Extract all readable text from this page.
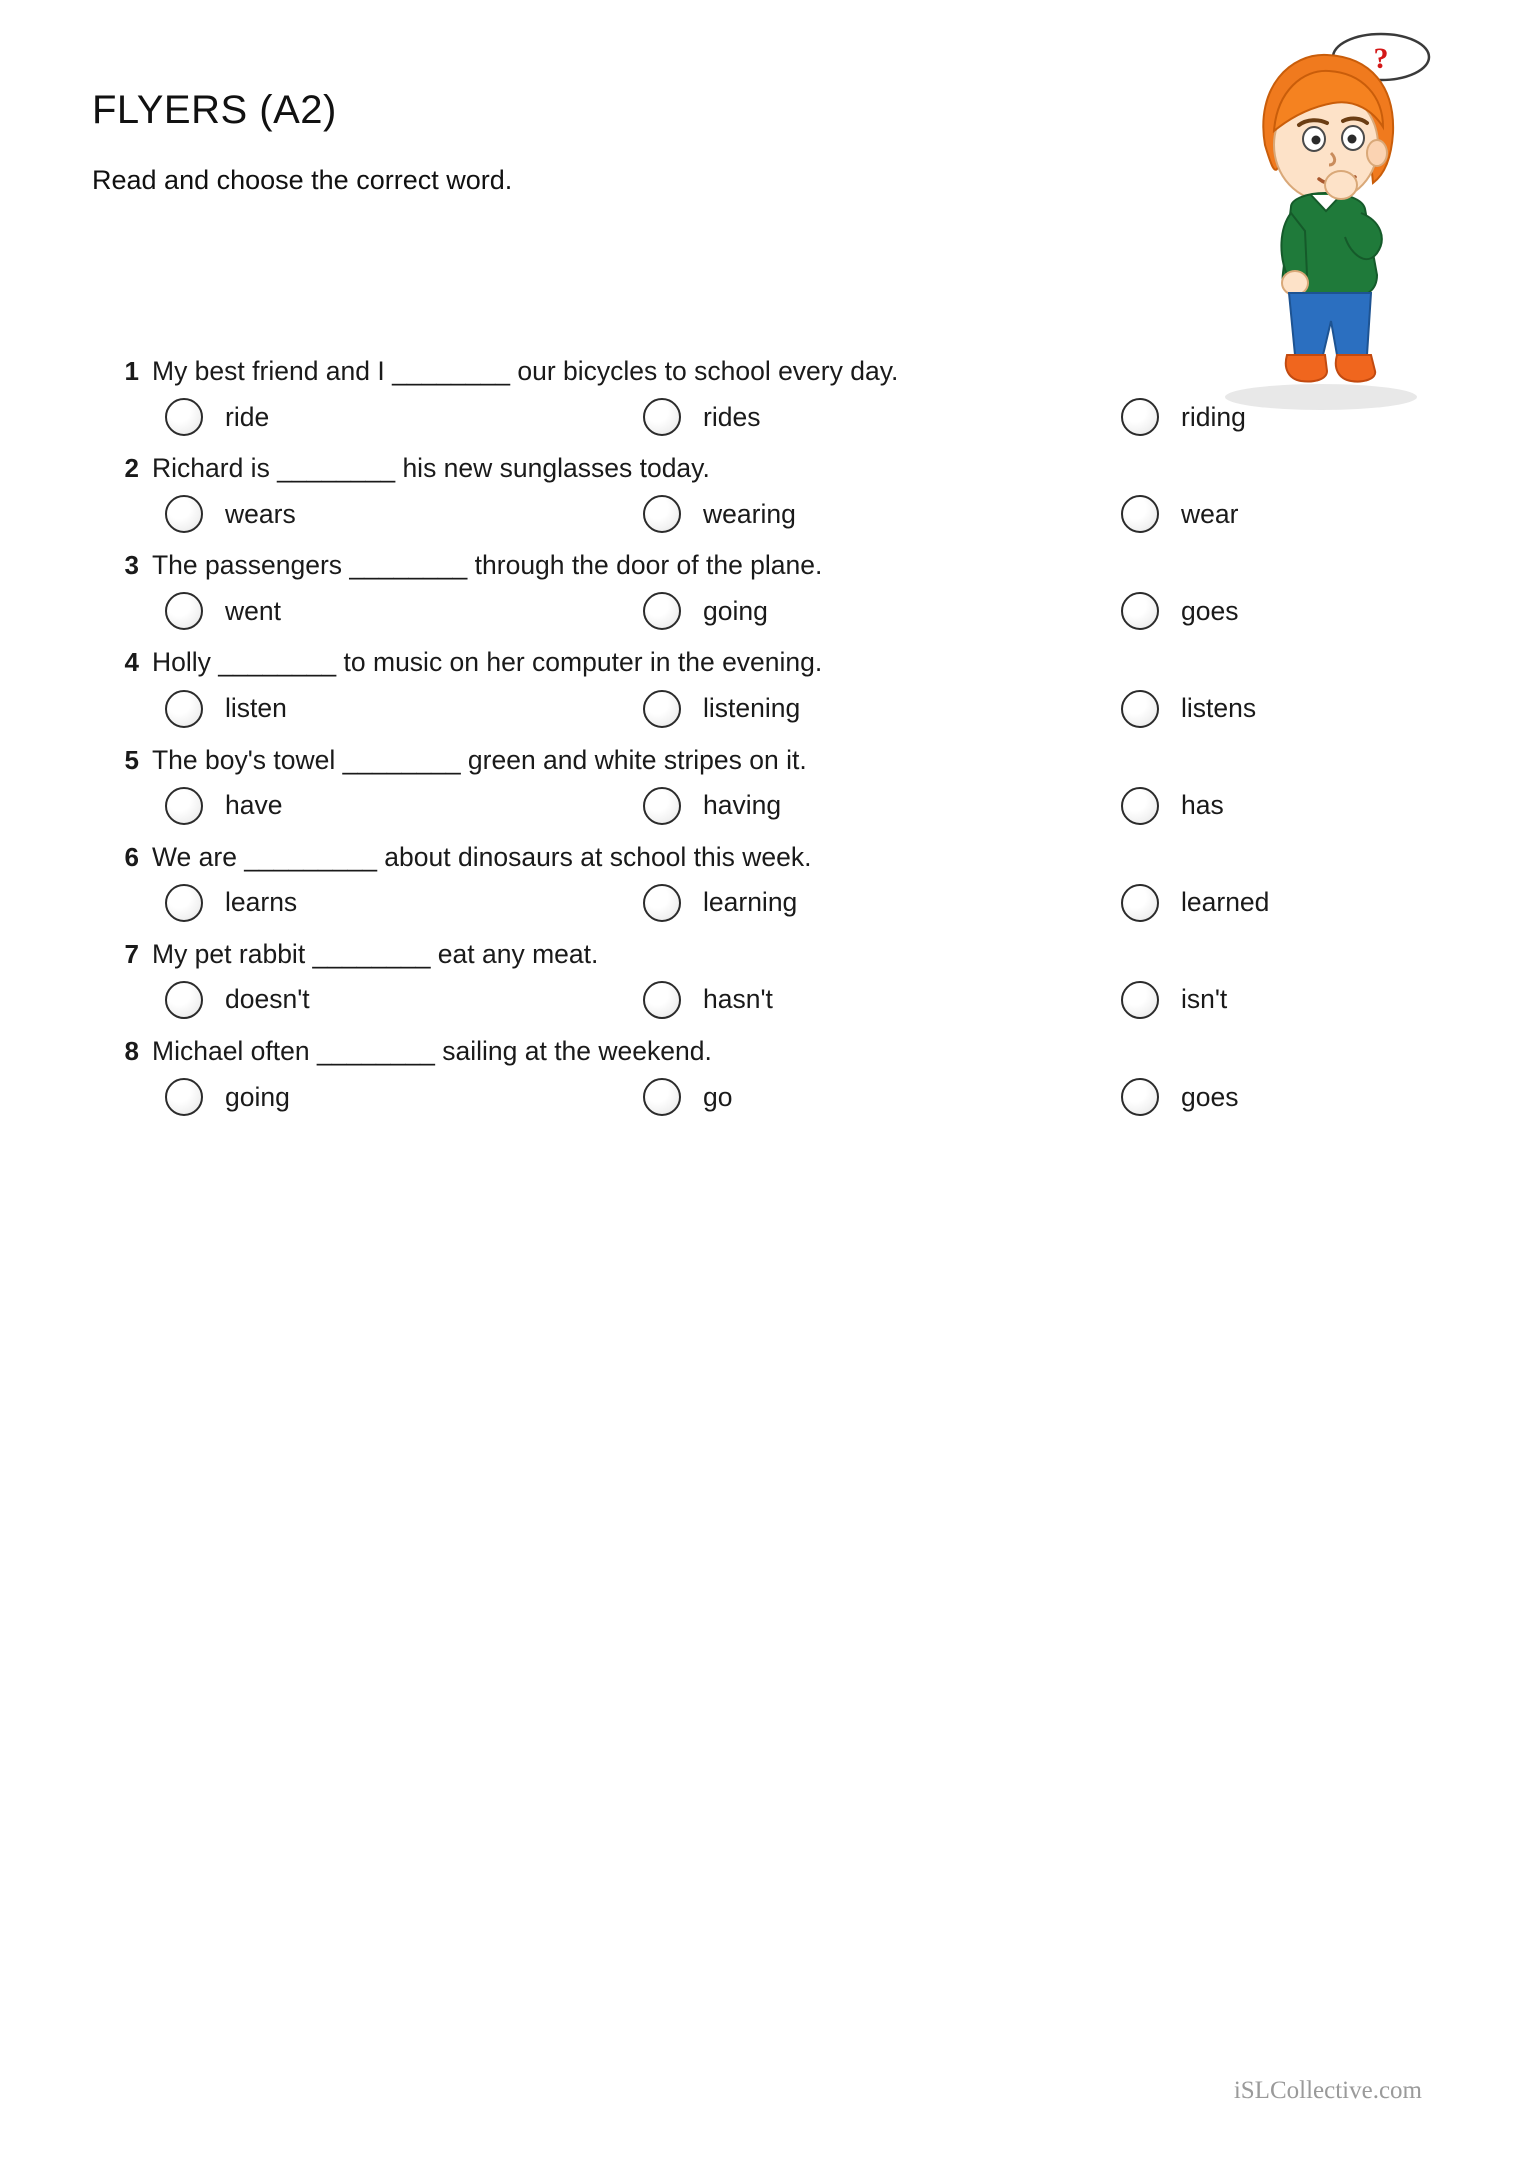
FLYERS (A2)

Read and choose the correct word.

?
1 My best friend and I ________ our bicycles to school every day.
ride	rides	riding
2 Richard is ________ his new sunglasses today.
wears	wearing	wear
3 The passengers ________ through the door of the plane.
went	going	goes
4 Holly ________ to music on her computer in the evening.
listen	listening	listens
5 The boy's towel ________ green and white stripes on it.
have	having	has
6 We are _________ about dinosaurs at school this week.
learns	learning	learned
7 My pet rabbit ________ eat any meat.
doesn't	hasn't	isn't
8 Michael often ________ sailing at the weekend.
going	go	goes
iSLCollective.com
